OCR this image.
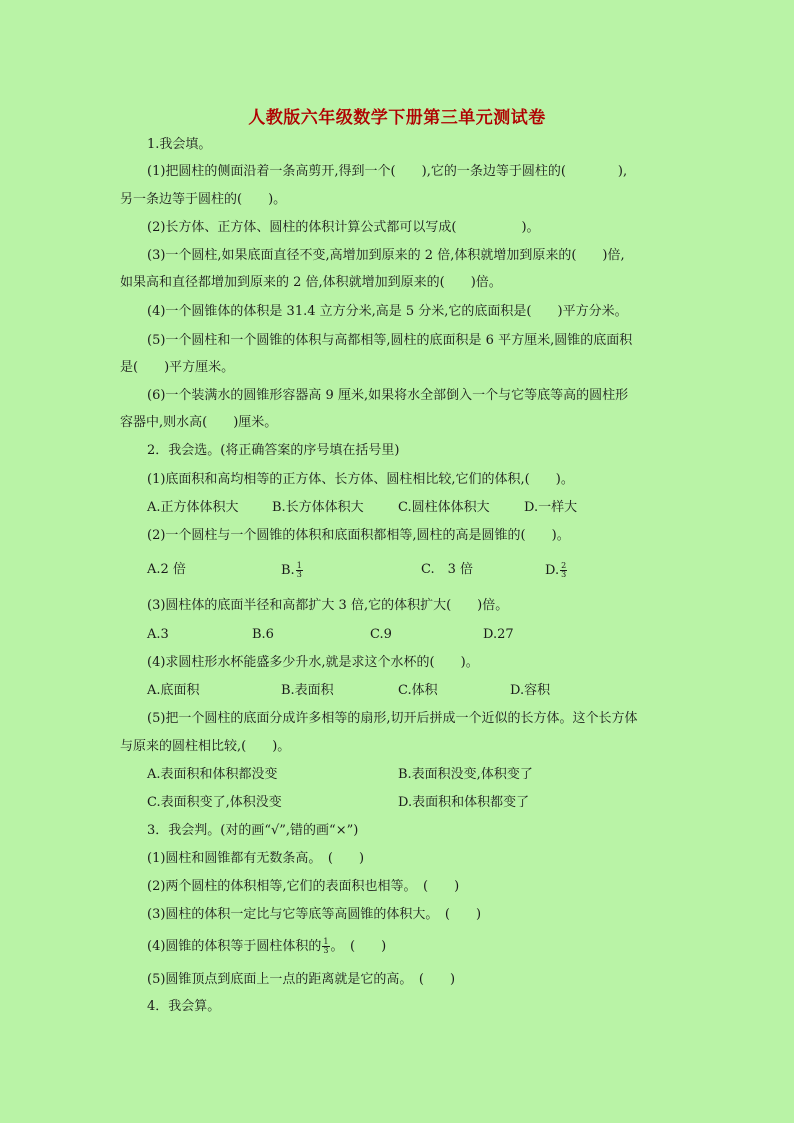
人教版六年级数学下册第三单元测试卷
1.我会填。
(1)把圆柱的侧面沿着一条高剪开,得到一个(　　),它的一条边等于圆柱的(　　　　),
另一条边等于圆柱的(　　)。
(2)长方体、正方体、圆柱的体积计算公式都可以写成(　　　　　)。
(3)一个圆柱,如果底面直径不变,高增加到原来的 2 倍,体积就增加到原来的(　　)倍,
如果高和直径都增加到原来的 2 倍,体积就增加到原来的(　　)倍。
(4)一个圆锥体的体积是 31.4 立方分米,高是 5 分米,它的底面积是(　　)平方分米。
(5)一个圆柱和一个圆锥的体积与高都相等,圆柱的底面积是 6 平方厘米,圆锥的底面积
是(　　)平方厘米。
(6)一个装满水的圆锥形容器高 9 厘米,如果将水全部倒入一个与它等底等高的圆柱形
容器中,则水高(　　)厘米。
2．我会选。(将正确答案的序号填在括号里)
(1)底面积和高均相等的正方体、长方体、圆柱相比较,它们的体积,(　　)。
A.正方体体积大	B.长方体体积大	C.圆柱体体积大	D.一样大
(2)一个圆柱与一个圆锥的体积和底面积都相等,圆柱的高是圆锥的(　　)。
A.2 倍	B. $\frac{1}{3}$	C.　3 倍	D. $\frac{2}{3}$
(3)圆柱体的底面半径和高都扩大 3 倍,它的体积扩大(　　)倍。
A.3	B.6	C.9	D.27
(4)求圆柱形水杯能盛多少升水,就是求这个水杯的(　　)。
A.底面积	B.表面积	C.体积	D.容积
(5)把一个圆柱的底面分成许多相等的扇形,切开后拼成一个近似的长方体。这个长方体
与原来的圆柱相比较,(　　)。
A.表面积和体积都没变	B.表面积没变,体积变了
C.表面积变了,体积没变	D.表面积和体积都变了
3．我会判。(对的画“√”,错的画“×”)
(1)圆柱和圆锥都有无数条高。　(　　)
(2)两个圆柱的体积相等,它们的表面积也相等。　(　　)
(3)圆柱的体积一定比与它等底等高圆锥的体积大。　(　　)
(4)圆锥的体积等于圆柱体积的 $\frac{1}{3}$ 。　(　　)
(5)圆锥顶点到底面上一点的距离就是它的高。　(　　)
4．我会算。
